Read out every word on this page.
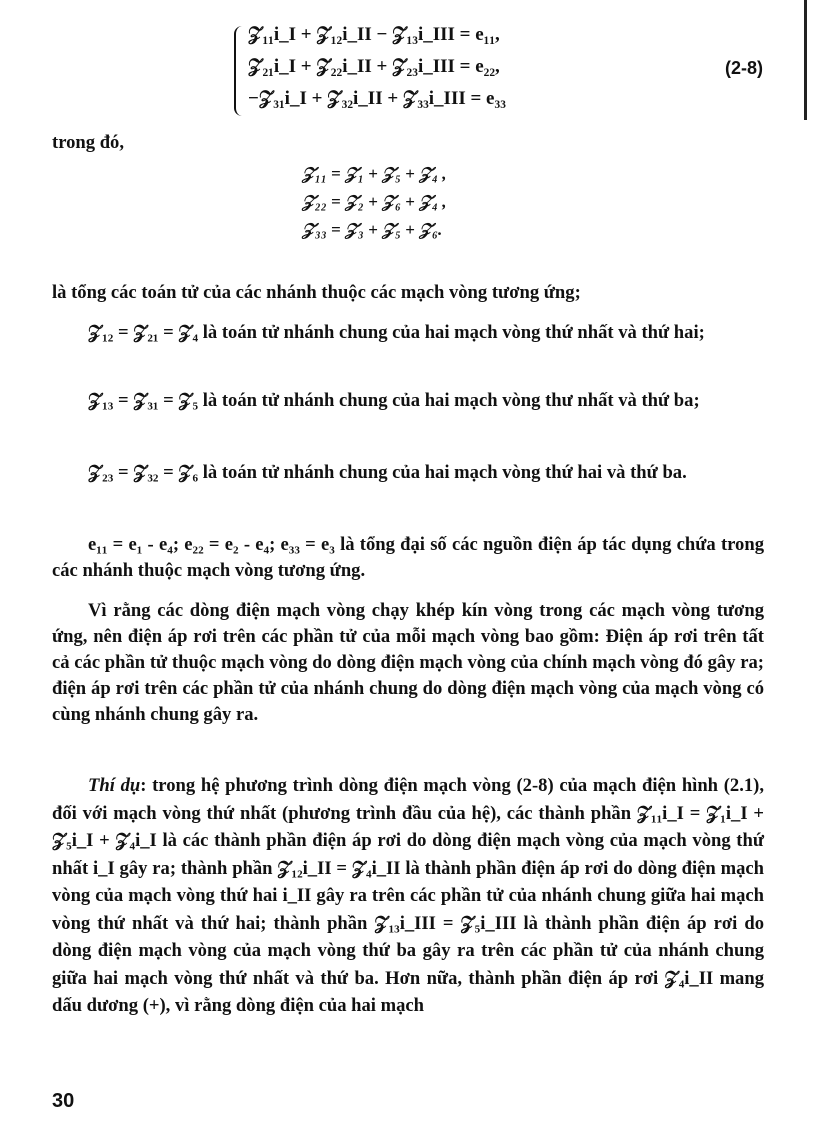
𝒵₁₁i_I + 𝒵₁₂i_II − 𝒵₁₃i_III = e₁₁,
𝒵₂₁i_I + 𝒵₂₂i_II + 𝒵₂₃i_III = e₂₂,
−𝒵₃₁i_I + 𝒵₃₂i_II + 𝒵₃₃i_III = e₃₃
(2-8)
trong đó,
𝒵₁₁ = 𝒵₁ + 𝒵₅ + 𝒵₄ ,
𝒵₂₂ = 𝒵₂ + 𝒵₆ + 𝒵₄ ,
𝒵₃₃ = 𝒵₃ + 𝒵₅ + 𝒵₆.
là tổng các toán tử của các nhánh thuộc các mạch vòng tương ứng;
𝒵₁₂ = 𝒵₂₁ = 𝒵₄ là toán tử nhánh chung của hai mạch vòng thứ nhất và thứ hai;
𝒵₁₃ = 𝒵₃₁ = 𝒵₅ là toán tử nhánh chung của hai mạch vòng thư nhất và thứ ba;
𝒵₂₃ = 𝒵₃₂ = 𝒵₆ là toán tử nhánh chung của hai mạch vòng thứ hai và thứ ba.
e₁₁ = e₁ - e₄; e₂₂ = e₂ - e₄; e₃₃ = e₃ là tổng đại số các nguồn điện áp tác dụng chứa trong các nhánh thuộc mạch vòng tương ứng.
Vì rằng các dòng điện mạch vòng chạy khép kín vòng trong các mạch vòng tương ứng, nên điện áp rơi trên các phần tử của mỗi mạch vòng bao gồm: Điện áp rơi trên tất cả các phần tử thuộc mạch vòng do dòng điện mạch vòng của chính mạch vòng đó gây ra; điện áp rơi trên các phần tử của nhánh chung do dòng điện mạch vòng của mạch vòng có cùng nhánh chung gây ra.
Thí dụ: trong hệ phương trình dòng điện mạch vòng (2-8) của mạch điện hình (2.1), đối với mạch vòng thứ nhất (phương trình đầu của hệ), các thành phần 𝒵₁₁i_I = 𝒵₁i_I + 𝒵₅i_I + 𝒵₄i_I là các thành phần điện áp rơi do dòng điện mạch vòng của mạch vòng thứ nhất i_I gây ra; thành phần 𝒵₁₂i_II = 𝒵₄i_II là thành phần điện áp rơi do dòng điện mạch vòng của mạch vòng thứ hai i_II gây ra trên các phần tử của nhánh chung giữa hai mạch vòng thứ nhất và thứ hai; thành phần 𝒵₁₃i_III = 𝒵₅i_III là thành phần điện áp rơi do dòng điện mạch vòng của mạch vòng thứ ba gây ra trên các phần tử của nhánh chung giữa hai mạch vòng thứ nhất và thứ ba. Hơn nữa, thành phần điện áp rơi 𝒵₄i_II mang dấu dương (+), vì rằng dòng điện của hai mạch
30
